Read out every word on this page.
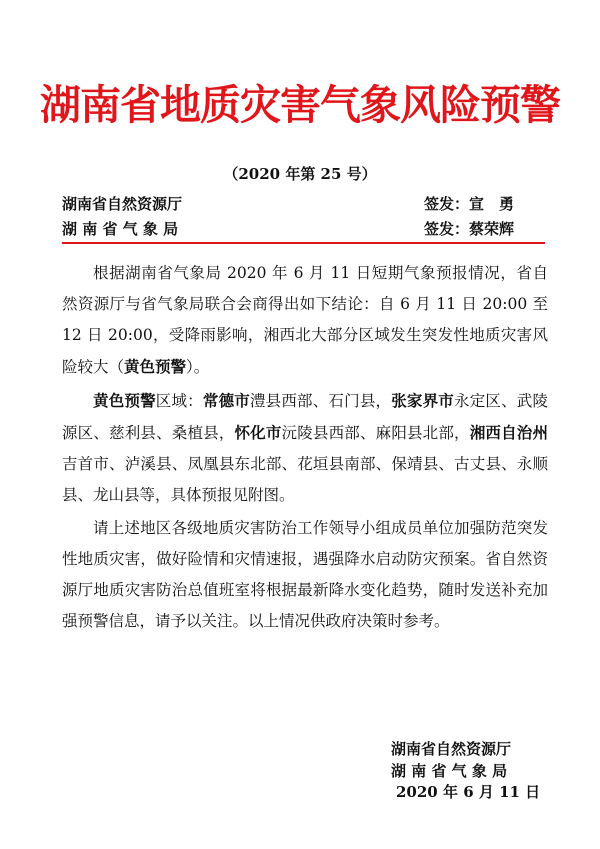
湖南省地质灾害气象风险预警
（2020 年第 25 号）
湖南省自然资源厅
湖 南 省 气 象 局
签发：宣　勇
签发：蔡荣辉

根据湖南省气象局 2020 年 6 月 11 日短期气象预报情况，省自然资源厅与省气象局联合会商得出如下结论：自 6 月 11 日 20:00 至 12 日 20:00，受降雨影响，湘西北大部分区域发生突发性地质灾害风险较大（黄色预警）。

黄色预警区域：常德市澧县西部、石门县，张家界市永定区、武陵源区、慈利县、桑植县，怀化市沅陵县西部、麻阳县北部，湘西自治州吉首市、泸溪县、凤凰县东北部、花垣县南部、保靖县、古丈县、永顺县、龙山县等，具体预报见附图。

请上述地区各级地质灾害防治工作领导小组成员单位加强防范突发性地质灾害，做好险情和灾情速报，遇强降水启动防灾预案。省自然资源厅地质灾害防治总值班室将根据最新降水变化趋势，随时发送补充加强预警信息，请予以关注。以上情况供政府决策时参考。

湖南省自然资源厅
湖 南 省 气 象 局
2020 年 6 月 11 日
